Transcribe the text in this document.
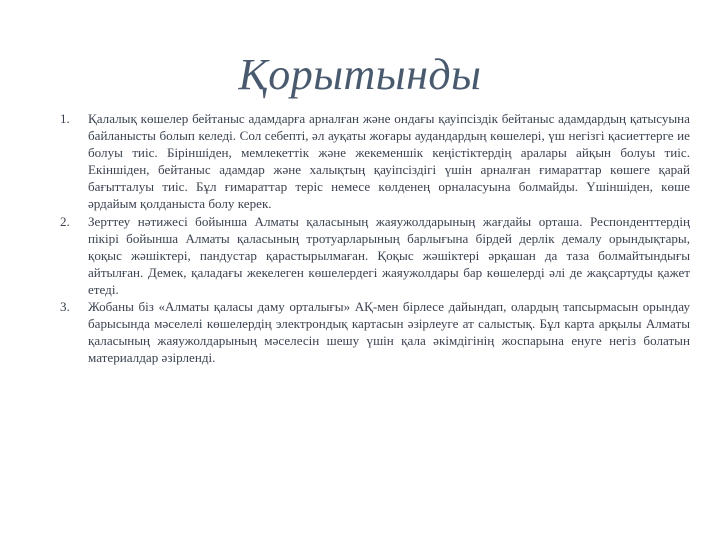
Қорытынды
1.	Қалалық көшелер бейтаныс адамдарға арналған және ондағы қауіпсіздік бейтаныс адамдардың қатысуына байланысты болып келеді. Сол себепті, әл ауқаты жоғары аудандардың көшелері, үш негізгі қасиеттерге ие болуы тиіс. Біріншіден, мемлекеттік және жекеменшік кеңістіктердің аралары айқын болуы тиіс. Екіншіден, бейтаныс адамдар және халықтың қауіпсіздігі үшін арналған ғимараттар көшеге қарай бағытталуы тиіс. Бұл ғимараттар теріс немесе көлденең орналасуына болмайды. Үшіншіден, көше әрдайым қолданыста болу керек.
2.	Зерттеу нәтижесі бойынша Алматы қаласының жаяужолдарының жағдайы орташа. Респонденттердің пікірі бойынша Алматы қаласының тротуарларының барлығына бірдей дерлік демалу орындықтары, қоқыс жәшіктері, пандустар қарастырылмаған. Қоқыс жәшіктері әрқашан да таза болмайтындығы айтылған. Демек, қаладағы жекелеген көшелердегі жаяужолдары бар көшелерді әлі де жақсартуды қажет етеді.
3.	Жобаны біз «Алматы қаласы даму орталығы» АҚ-мен бірлесе дайындап, олардың тапсырмасын орындау барысында мәселелі көшелердің электрондық картасын әзірлеуге ат салыстық. Бұл карта арқылы Алматы қаласының жаяужолдарының мәселесін шешу үшін қала әкімдігінің жоспарына енуге негіз болатын материалдар әзірленді.
